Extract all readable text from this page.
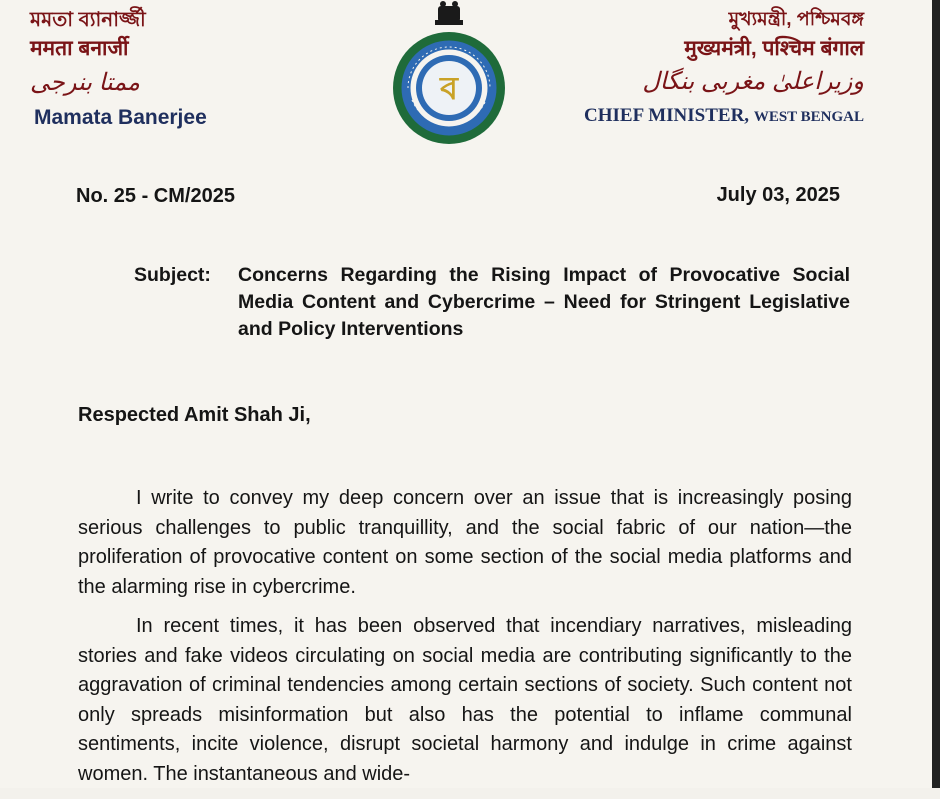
মমতা ব্যানার্জ্জী
ममता बनार्जी
ممتا بنرجی
Mamata Banerjee
ব
মুখ্যমন্ত্রী, পশ্চিমবঙ্গ
मुख्यमंत्री, पश्चिम बंगाल
وزیراعلیٰ مغربی بنگال
CHIEF MINISTER, WEST BENGAL
No. 25 - CM/2025	July 03, 2025
Subject:	Concerns Regarding the Rising Impact of Provocative Social Media Content and Cybercrime – Need for Stringent Legislative and Policy Interventions
Respected Amit Shah Ji,

I write to convey my deep concern over an issue that is increasingly posing serious challenges to public tranquillity, and the social fabric of our nation—the proliferation of provocative content on some section of the social media platforms and the alarming rise in cybercrime.

In recent times, it has been observed that incendiary narratives, misleading stories and fake videos circulating on social media are contributing significantly to the aggravation of criminal tendencies among certain sections of society. Such content not only spreads misinformation but also has the potential to inflame communal sentiments, incite violence, disrupt societal harmony and indulge in crime against women. The instantaneous and wide-
